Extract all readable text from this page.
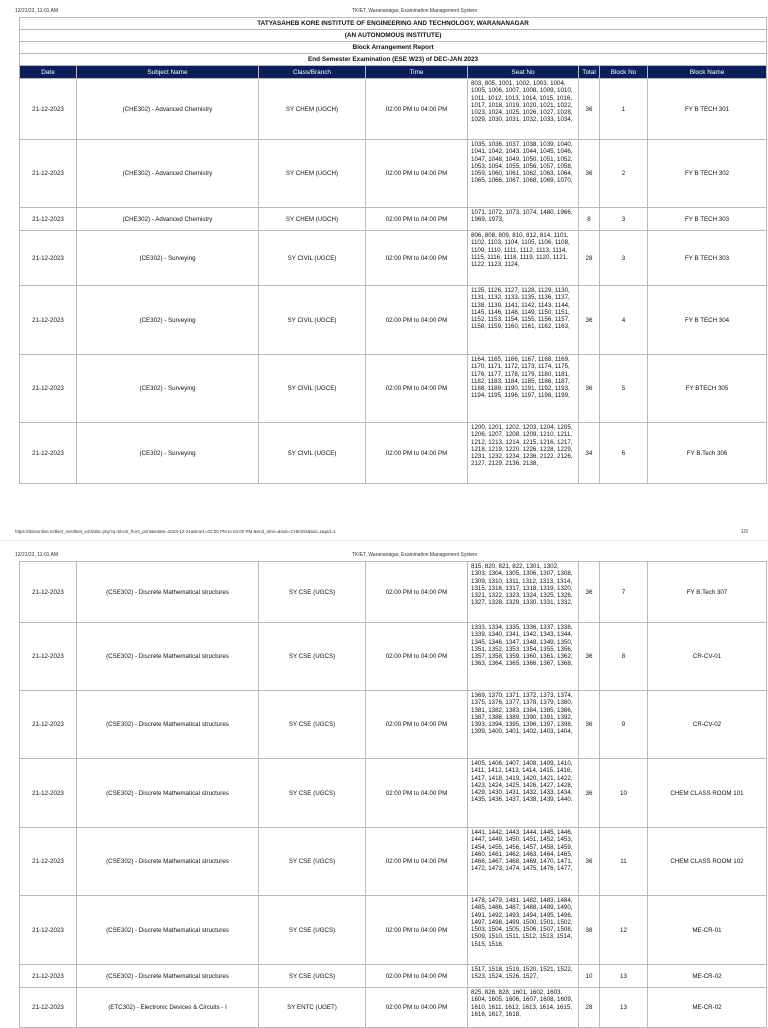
12/21/23, 11:01 AM	TKIET, Warananagar, Examination Management System
TATYASAHEB KORE INSTITUTE OF ENGINEERING AND TECHNOLOGY, WARANANAGAR							
(AN AUTONOMOUS INSTITUTE)							
Block Arrangement Report							
End Semester Examination (ESE W23) of DEC-JAN 2023							
Date	Subject Name	Class/Branch	Time	Seat No	Total	Block No	Block Name
21-12-2023	(CHE302) - Advanced Chemistry	SY CHEM (UGCH)	02:00 PM to 04:00 PM	803, 805, 1001, 1002, 1003, 1004, 1005, 1006, 1007, 1008, 1009, 1010, 1011, 1012, 1013, 1014, 1015, 1016, 1017, 1018, 1019, 1020, 1021, 1022, 1023, 1024, 1025, 1026, 1027, 1028, 1029, 1030, 1031, 1032, 1033, 1034,	36	1	FY B TECH 301
21-12-2023	(CHE302) - Advanced Chemistry	SY CHEM (UGCH)	02:00 PM to 04:00 PM	1035, 1036, 1037, 1038, 1039, 1040, 1041, 1042, 1043, 1044, 1045, 1046, 1047, 1048, 1049, 1050, 1051, 1052, 1053, 1054, 1055, 1056, 1057, 1058, 1059, 1060, 1061, 1062, 1063, 1064, 1065, 1066, 1067, 1068, 1069, 1070,	36	2	FY B TECH 302
21-12-2023	(CHE302) - Advanced Chemistry	SY CHEM (UGCH)	02:00 PM to 04:00 PM	1071, 1072, 1073, 1074, 1480, 1966, 1969, 1973,	8	3	FY B TECH 303
21-12-2023	(CE302) - Surveying	SY CIVIL (UGCE)	02:00 PM to 04:00 PM	806, 808, 809, 810, 812, 814, 1101, 1102, 1103, 1104, 1105, 1106, 1108, 1109, 1110, 1111, 1112, 1113, 1114, 1115, 1116, 1118, 1119, 1120, 1121, 1122, 1123, 1124,	28	3	FY B TECH 303
21-12-2023	(CE302) - Surveying	SY CIVIL (UGCE)	02:00 PM to 04:00 PM	1125, 1126, 1127, 1128, 1129, 1130, 1131, 1132, 1133, 1135, 1136, 1137, 1138, 1139, 1141, 1142, 1143, 1144, 1145, 1146, 1148, 1149, 1150, 1151, 1152, 1153, 1154, 1155, 1156, 1157, 1158, 1159, 1160, 1161, 1162, 1163,	36	4	FY B TECH 304
21-12-2023	(CE302) - Surveying	SY CIVIL (UGCE)	02:00 PM to 04:00 PM	1164, 1165, 1166, 1167, 1168, 1169, 1170, 1171, 1172, 1173, 1174, 1175, 1176, 1177, 1178, 1179, 1180, 1181, 1182, 1183, 1184, 1185, 1186, 1187, 1188, 1189, 1190, 1191, 1192, 1193, 1194, 1195, 1196, 1197, 1198, 1199,	36	5	FY BTECH 305
21-12-2023	(CE302) - Surveying	SY CIVIL (UGCE)	02:00 PM to 04:00 PM	1200, 1201, 1202, 1203, 1204, 1205, 1206, 1207, 1208, 1209, 1210, 1211, 1212, 1213, 1214, 1215, 1216, 1217, 1218, 1219, 1220, 1226, 1228, 1229, 1231, 1232, 1234, 1236, 2122, 2126, 2127, 2129, 2136, 2138,	34	6	FY B.Tech 306
https://tkietonline.in/tkiet_mis/tkiet_w23/abc.php?q=block_front_print&edate=2023-12-21&time1=02:00 PM to 04:00 PM &end_time=&sub=CHE302&bid=1&pid=1	1/3
12/21/23, 11:01 AM	TKIET, Warananagar, Examination Management System
21-12-2023	(CSE302) - Discrete Mathematical structures	SY CSE (UGCS)	02:00 PM to 04:00 PM	815, 820, 821, 822, 1301, 1302, 1303, 1304, 1305, 1306, 1307, 1308, 1309, 1310, 1311, 1312, 1313, 1314, 1315, 1316, 1317, 1318, 1319, 1320, 1321, 1322, 1323, 1324, 1325, 1326, 1327, 1328, 1329, 1330, 1331, 1332,	36	7	FY B.Tech 307
21-12-2023	(CSE302) - Discrete Mathematical structures	SY CSE (UGCS)	02:00 PM to 04:00 PM	1333, 1334, 1335, 1336, 1337, 1338, 1339, 1340, 1341, 1342, 1343, 1344, 1345, 1346, 1347, 1348, 1349, 1350, 1351, 1352, 1353, 1354, 1355, 1356, 1357, 1358, 1359, 1360, 1361, 1362, 1363, 1364, 1365, 1366, 1367, 1368,	36	8	CR-CV-01
21-12-2023	(CSE302) - Discrete Mathematical structures	SY CSE (UGCS)	02:00 PM to 04:00 PM	1369, 1370, 1371, 1372, 1373, 1374, 1375, 1376, 1377, 1378, 1379, 1380, 1381, 1382, 1383, 1384, 1385, 1386, 1387, 1388, 1389, 1390, 1391, 1392, 1393, 1394, 1395, 1396, 1397, 1398, 1399, 1400, 1401, 1402, 1403, 1404,	36	9	CR-CV-02
21-12-2023	(CSE302) - Discrete Mathematical structures	SY CSE (UGCS)	02:00 PM to 04:00 PM	1405, 1406, 1407, 1408, 1409, 1410, 1411, 1412, 1413, 1414, 1415, 1416, 1417, 1418, 1419, 1420, 1421, 1422, 1423, 1424, 1425, 1426, 1427, 1428, 1429, 1430, 1431, 1432, 1433, 1434, 1435, 1436, 1437, 1438, 1439, 1440,	36	10	CHEM CLASS ROOM 101
21-12-2023	(CSE302) - Discrete Mathematical structures	SY CSE (UGCS)	02:00 PM to 04:00 PM	1441, 1442, 1443, 1444, 1445, 1446, 1447, 1449, 1450, 1451, 1452, 1453, 1454, 1455, 1456, 1457, 1458, 1459, 1460, 1461, 1462, 1463, 1464, 1465, 1466, 1467, 1468, 1469, 1470, 1471, 1472, 1473, 1474, 1475, 1476, 1477,	36	11	CHEM CLASS ROOM 102
21-12-2023	(CSE302) - Discrete Mathematical structures	SY CSE (UGCS)	02:00 PM to 04:00 PM	1478, 1479, 1481, 1482, 1483, 1484, 1485, 1486, 1487, 1488, 1489, 1490, 1491, 1492, 1493, 1494, 1495, 1496, 1497, 1498, 1499, 1500, 1501, 1502, 1503, 1504, 1505, 1506, 1507, 1508, 1509, 1510, 1511, 1512, 1513, 1514, 1515, 1516,	38	12	ME-CR-01
21-12-2023	(CSE302) - Discrete Mathematical structures	SY CSE (UGCS)	02:00 PM to 04:00 PM	1517, 1518, 1519, 1520, 1521, 1522, 1523, 1524, 1526, 1527,	10	13	ME-CR-02
21-12-2023	(ETC302) - Electronic Devices & Circuits - I	SY ENTC (UGET)	02:00 PM to 04:00 PM	825, 826, 828, 1601, 1602, 1603, 1604, 1605, 1606, 1607, 1608, 1609, 1610, 1611, 1612, 1613, 1614, 1615, 1616, 1617, 1618,	28	13	ME-CR-02
